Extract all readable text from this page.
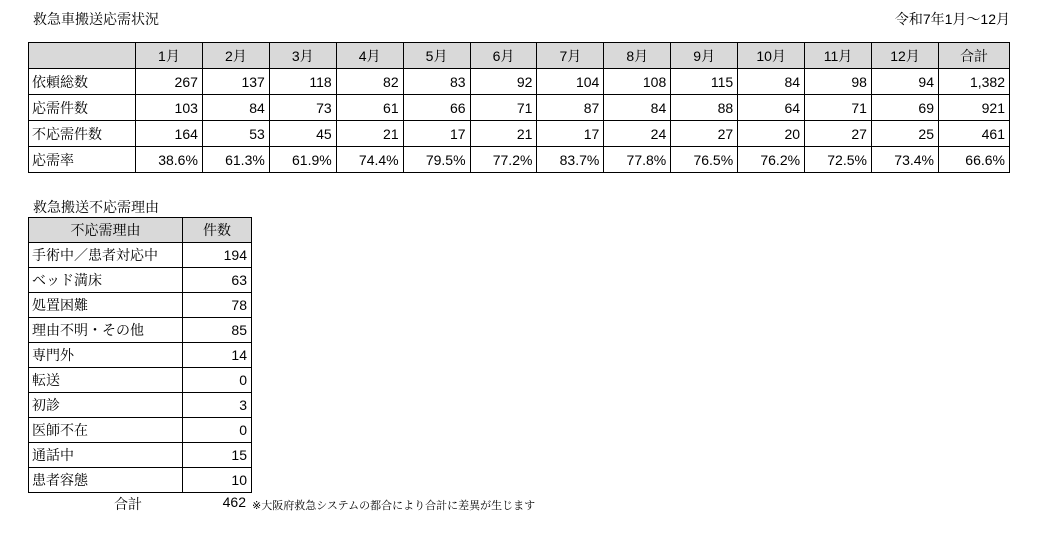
救急車搬送応需状況	令和7年1月～12月
	1月	2月	3月	4月	5月	6月	7月	8月	9月	10月	11月	12月	合計
依頼総数	267	137	118	82	83	92	104	108	115	84	98	94	1,382
応需件数	103	84	73	61	66	71	87	84	88	64	71	69	921
不応需件数	164	53	45	21	17	21	17	24	27	20	27	25	461
応需率	38.6%	61.3%	61.9%	74.4%	79.5%	77.2%	83.7%	77.8%	76.5%	76.2%	72.5%	73.4%	66.6%
救急搬送不応需理由
不応需理由	件数
手術中／患者対応中	194
ベッド満床	63
処置困難	78
理由不明・その他	85
専門外	14
転送	0
初診	3
医師不在	0
通話中	15
患者容態	10
合計	462 ※大阪府救急システムの都合により合計に差異が生じます
